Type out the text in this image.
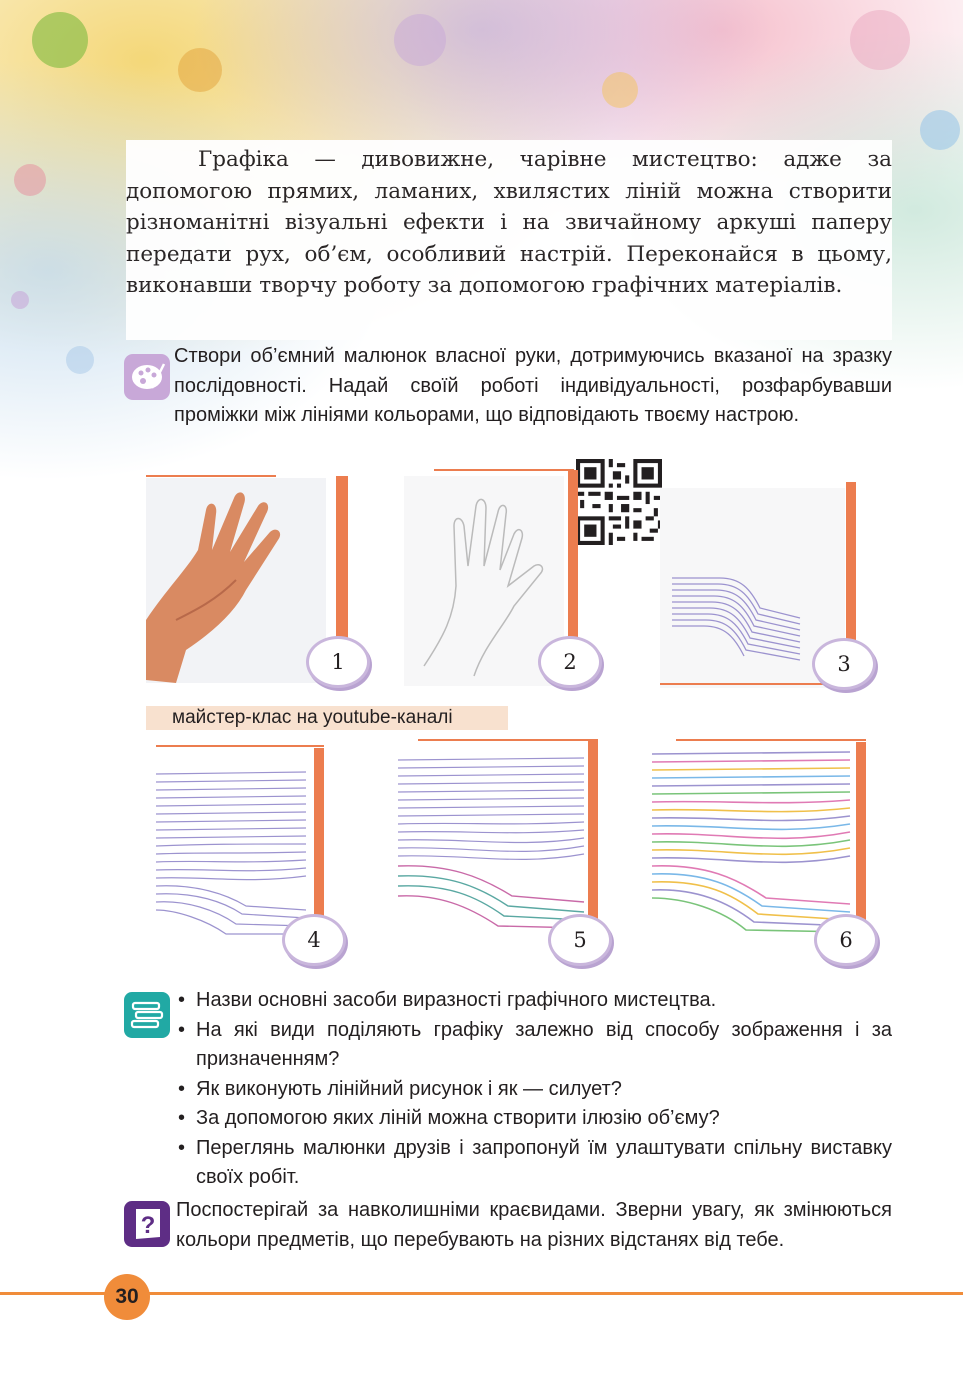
Графіка — дивовижне, чарівне мистецтво: адже за допомогою прямих, ламаних, хвилястих ліній можна створити різноманітні візуальні ефекти і на звичайному аркуші паперу передати рух, об’єм, особливий настрій. Переконайся в цьому, виконавши творчу роботу за допомогою графічних матеріалів.

Створи об’ємний малюнок власної руки, дотримуючись вказаної на зразку послідовності. Надай своїй роботі індивідуальності, розфарбувавши проміжки між лініями кольорами, що відповідають твоєму настрою.
1	2	3
майстер-клас на youtube-каналі
4	5	6
• Назви основні засоби виразності графічного мистецтва.
• На які види поділяють графіку залежно від способу зображення і за призначенням?
• Як виконують лінійний рисунок і як — силует?
• За допомогою яких ліній можна створити ілюзію об’єму?
• Переглянь малюнки друзів і запропонуй їм улаштувати спільну виставку своїх робіт.
?
Поспостерігай за навколишніми краєвидами. Зверни увагу, як змінюються кольори предметів, що перебувають на різних відстанях від тебе.
30
